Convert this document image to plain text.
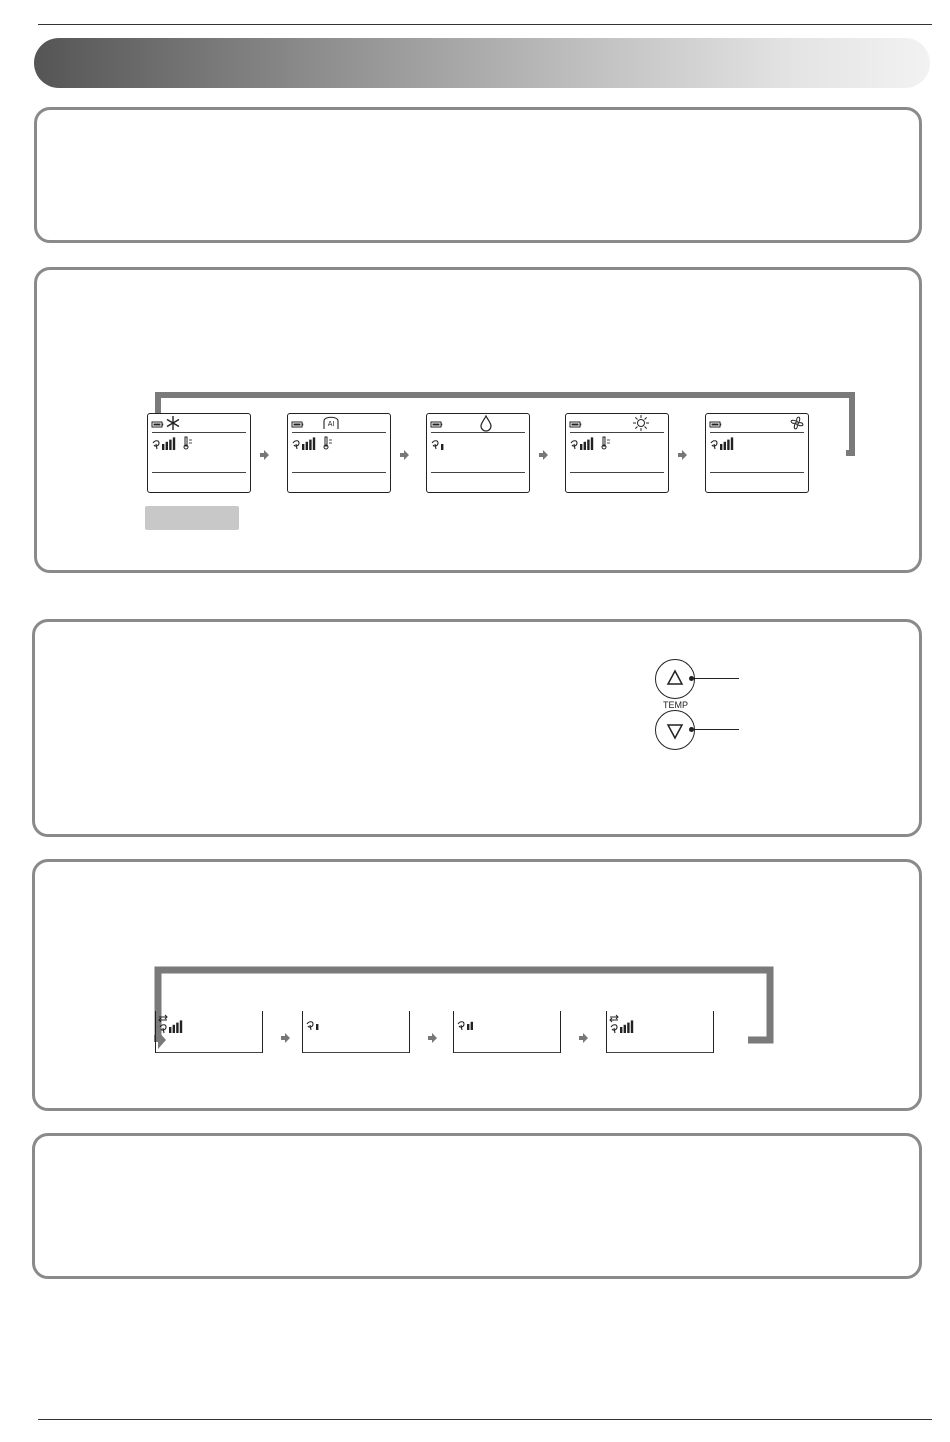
AI
TEMP
